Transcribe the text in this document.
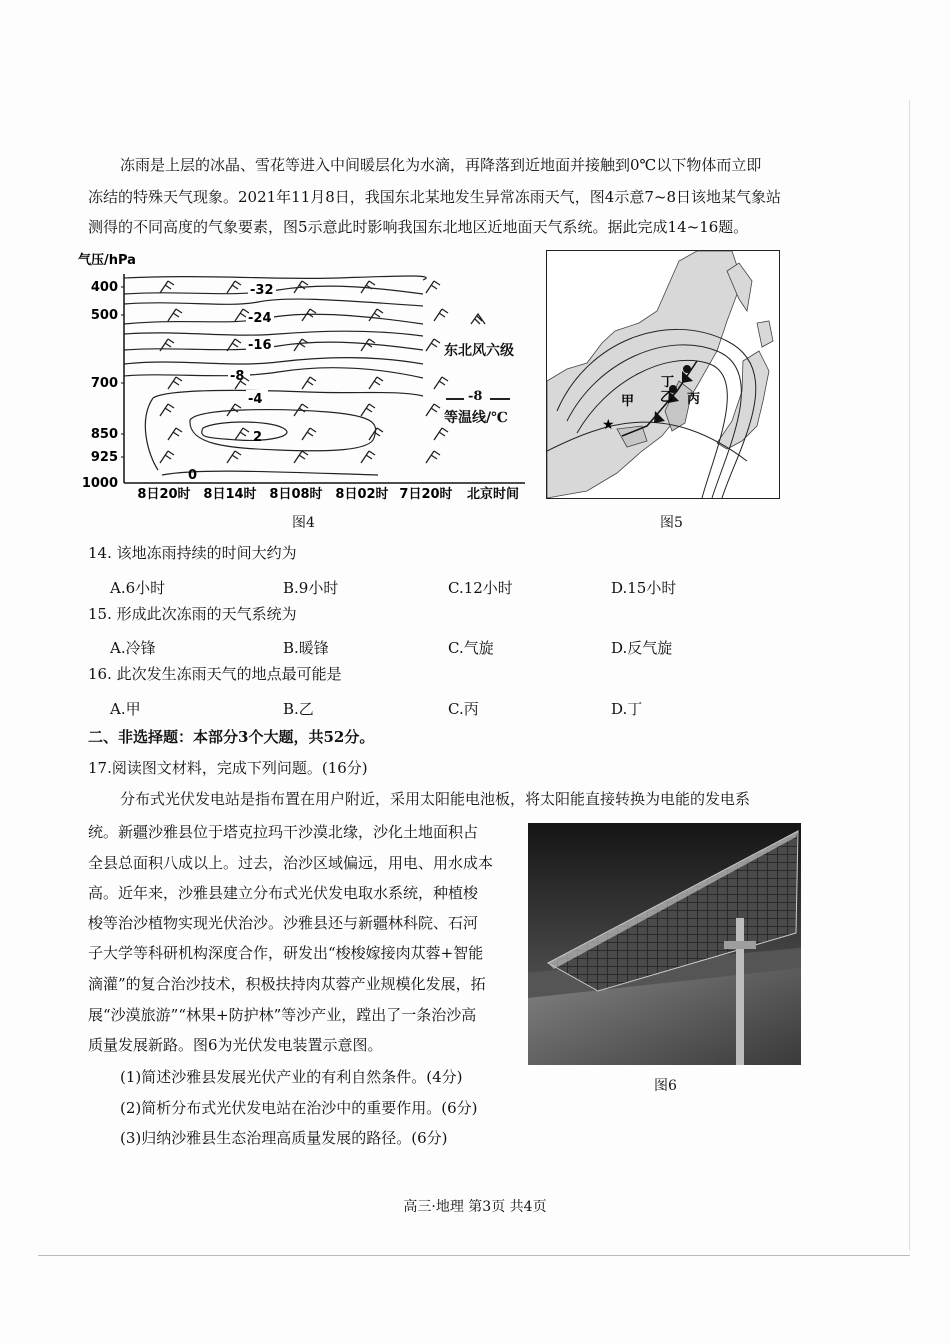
冻雨是上层的冰晶、雪花等进入中间暖层化为水滴，再降落到近地面并接触到0℃以下物体而立即
冻结的特殊天气现象。2021年11月8日，我国东北某地发生异常冻雨天气，图4示意7~8日该地某气象站
测得的不同高度的气象要素，图5示意此时影响我国东北地区近地面天气系统。据此完成14~16题。
气压/hPa
400
500
700
850
925
1000
8日20时 8日14时 8日08时 8日02时 7日20时 北京时间
-32
-24
-16
-8
-4
2
0
东北风六级
-8
等温线/℃	★
甲 乙 丙
丁
图4	图5
14. 该地冻雨持续的时间大约为
A.6小时	B.9小时	C.12小时	D.15小时
15. 形成此次冻雨的天气系统为
A.冷锋	B.暖锋	C.气旋	D.反气旋
16. 此次发生冻雨天气的地点最可能是
A.甲	B.乙	C.丙	D.丁
二、非选择题：本部分3个大题，共52分。
17.阅读图文材料，完成下列问题。(16分)
分布式光伏发电站是指布置在用户附近，采用太阳能电池板，将太阳能直接转换为电能的发电系
统。新疆沙雅县位于塔克拉玛干沙漠北缘，沙化土地面积占
全县总面积八成以上。过去，治沙区域偏远，用电、用水成本
高。近年来，沙雅县建立分布式光伏发电取水系统，种植梭
梭等治沙植物实现光伏治沙。沙雅县还与新疆林科院、石河
子大学等科研机构深度合作，研发出“梭梭嫁接肉苁蓉+智能
滴灌”的复合治沙技术，积极扶持肉苁蓉产业规模化发展，拓
展“沙漠旅游”“林果+防护林”等沙产业，蹚出了一条治沙高
质量发展新路。图6为光伏发电装置示意图。
图6
(1)简述沙雅县发展光伏产业的有利自然条件。(4分)
(2)简析分布式光伏发电站在治沙中的重要作用。(6分)
(3)归纳沙雅县生态治理高质量发展的路径。(6分)
高三·地理 第3页 共4页
